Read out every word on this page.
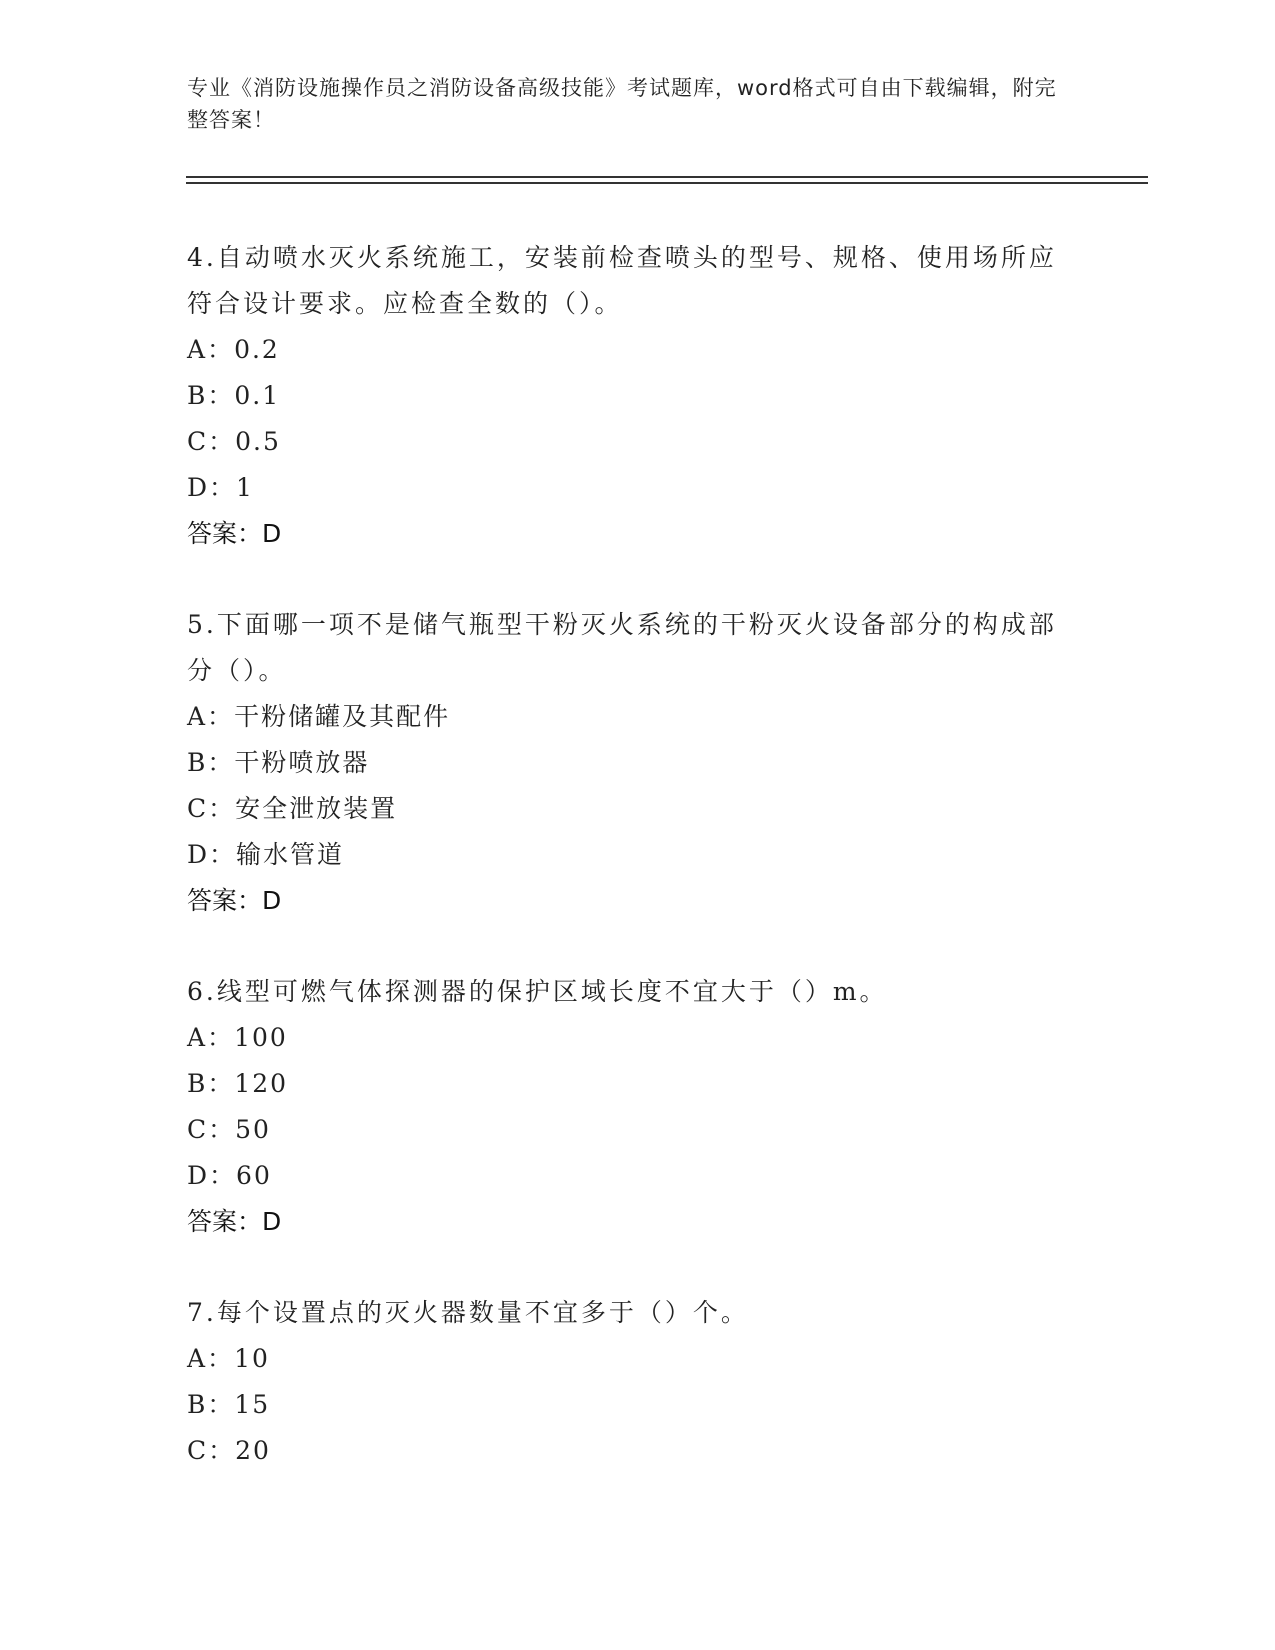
专业《消防设施操作员之消防设备高级技能》考试题库，word格式可自由下载编辑，附完整答案！

4.自动喷水灭火系统施工，安装前检查喷头的型号、规格、使用场所应符合设计要求。应检查全数的（）。

A：0.2

B：0.1

C：0.5

D：1

答案：D

5.下面哪一项不是储气瓶型干粉灭火系统的干粉灭火设备部分的构成部分（）。

A：干粉储罐及其配件

B：干粉喷放器

C：安全泄放装置

D：输水管道

答案：D

6.线型可燃气体探测器的保护区域长度不宜大于（）m。

A：100

B：120

C：50

D：60

答案：D

7.每个设置点的灭火器数量不宜多于（）个。

A：10

B：15

C：20
